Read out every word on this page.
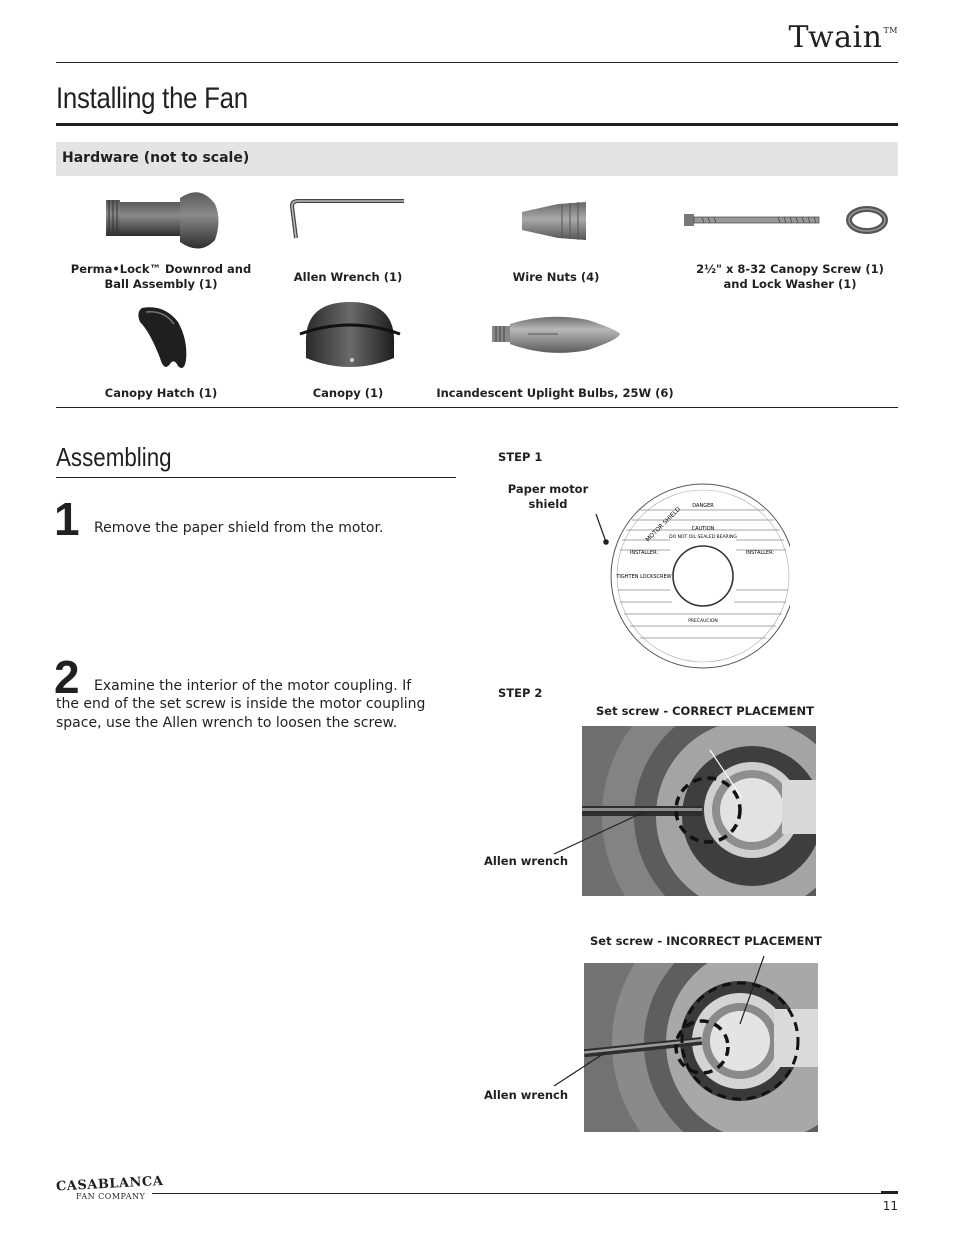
Twain™
Installing the Fan
Hardware (not to scale)
Perma•Lock™ Downrod and
Ball Assembly (1)	Allen Wrench (1)	Wire Nuts (4)
2½" x 8-32 Canopy Screw (1)
and Lock Washer (1)
Canopy Hatch (1)	Canopy (1)	Incandescent Uplight Bulbs, 25W (6)
Assembling
1 Remove the paper shield from the motor.
2 Examine the interior of the motor coupling. If
the end of the set screw is inside the motor coupling
space, use the Allen wrench to loosen the screw.
STEP 1
Paper motor
shield	DANGER
CAUTION
DO NOT OIL SEALED BEARING
INSTALLER:	INSTALLER:
TIGHTEN LOCKSCREW
PRECAUCION
MOTOR SHIELD
STEP 2
Set screw - CORRECT PLACEMENT
Allen wrench
Set screw - INCORRECT PLACEMENT
Allen wrench
CASABLANCA
FAN COMPANY
11
